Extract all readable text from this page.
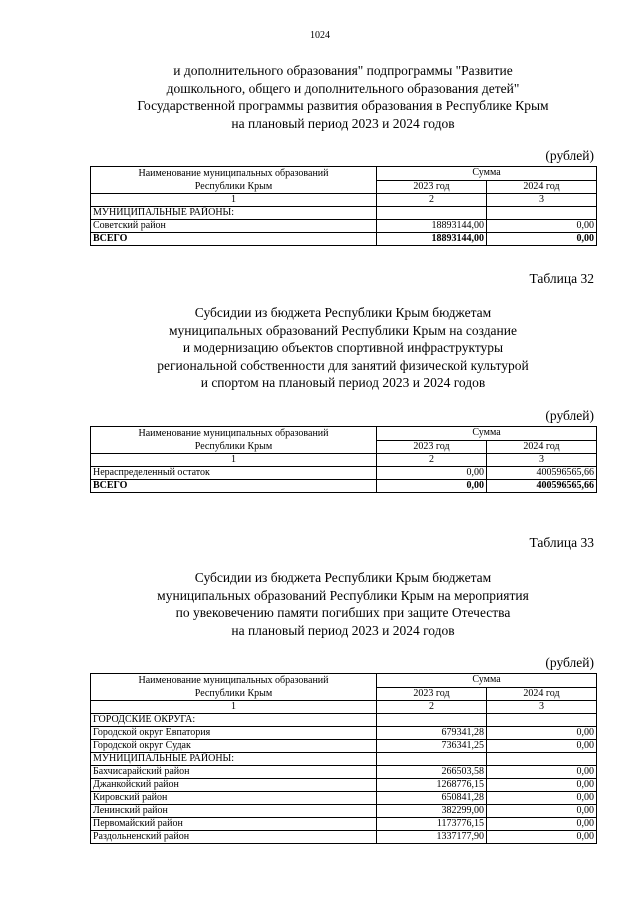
1024
и дополнительного образования" подпрограммы "Развитие
дошкольного, общего и дополнительного образования детей"
Государственной программы развития образования в Республике Крым
на плановый период 2023 и 2024 годов
(рублей)
Наименование муниципальных образований
Республики Крым	Сумма	
	2023 год	2024 год
1	2	3
МУНИЦИПАЛЬНЫЕ РАЙОНЫ:		
Советский район	18893144,00	0,00
ВСЕГО	18893144,00	0,00
Таблица 32
Субсидии из бюджета Республики Крым бюджетам
муниципальных образований Республики Крым на создание
и модернизацию объектов спортивной инфраструктуры
региональной собственности для занятий физической культурой
и спортом на плановый период 2023 и 2024 годов
(рублей)
Наименование муниципальных образований
Республики Крым	Сумма	
	2023 год	2024 год
1	2	3
Нераспределенный остаток	0,00	400596565,66
ВСЕГО	0,00	400596565,66
Таблица 33
Субсидии из бюджета Республики Крым бюджетам
муниципальных образований Республики Крым на мероприятия
по увековечению памяти погибших при защите Отечества
на плановый период 2023 и 2024 годов
(рублей)
Наименование муниципальных образований
Республики Крым	Сумма	
	2023 год	2024 год
1	2	3
ГОРОДСКИЕ ОКРУГА:		
Городской округ Евпатория	679341,28	0,00
Городской округ Судак	736341,25	0,00
МУНИЦИПАЛЬНЫЕ РАЙОНЫ:		
Бахчисарайский район	266503,58	0,00
Джанкойский район	1268776,15	0,00
Кировский район	650841,28	0,00
Ленинский район	382299,00	0,00
Первомайский район	1173776,15	0,00
Раздольненский район	1337177,90	0,00
